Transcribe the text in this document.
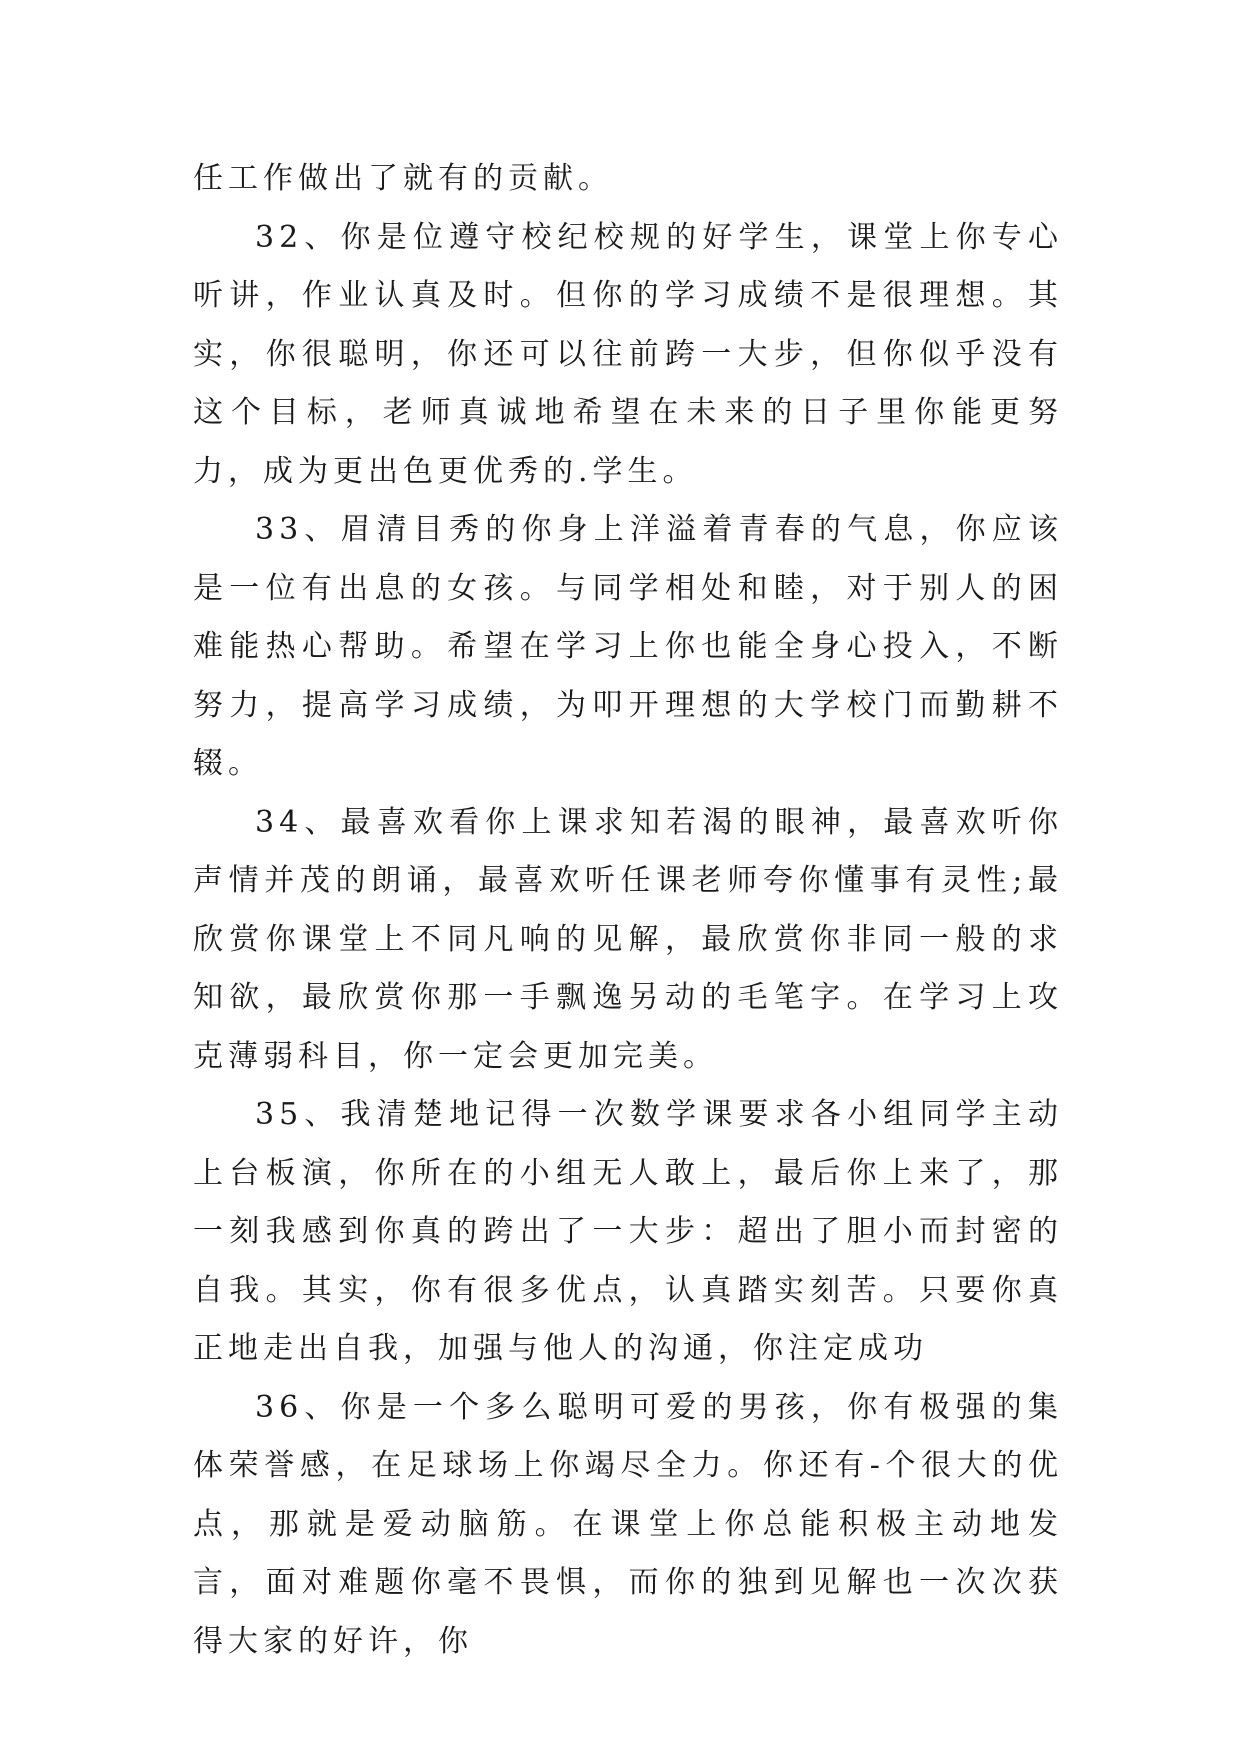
任工作做出了就有的贡献。

32、你是位遵守校纪校规的好学生，课堂上你专心听讲，作业认真及时。但你的学习成绩不是很理想。其实，你很聪明，你还可以往前跨一大步，但你似乎没有这个目标，老师真诚地希望在未来的日子里你能更努力，成为更出色更优秀的.学生。

33、眉清目秀的你身上洋溢着青春的气息，你应该是一位有出息的女孩。与同学相处和睦，对于别人的困难能热心帮助。希望在学习上你也能全身心投入，不断努力，提高学习成绩，为叩开理想的大学校门而勤耕不辍。

34、最喜欢看你上课求知若渴的眼神，最喜欢听你声情并茂的朗诵，最喜欢听任课老师夸你懂事有灵性;最欣赏你课堂上不同凡响的见解，最欣赏你非同一般的求知欲，最欣赏你那一手飘逸另动的毛笔字。在学习上攻克薄弱科目，你一定会更加完美。

35、我清楚地记得一次数学课要求各小组同学主动上台板演，你所在的小组无人敢上，最后你上来了，那一刻我感到你真的跨出了一大步：超出了胆小而封密的自我。其实，你有很多优点，认真踏实刻苦。只要你真正地走出自我，加强与他人的沟通，你注定成功

36、你是一个多么聪明可爱的男孩，你有极强的集体荣誉感，在足球场上你竭尽全力。你还有-个很大的优点，那就是爱动脑筋。在课堂上你总能积极主动地发言，面对难题你毫不畏惧，而你的独到见解也一次次获得大家的好许，你
